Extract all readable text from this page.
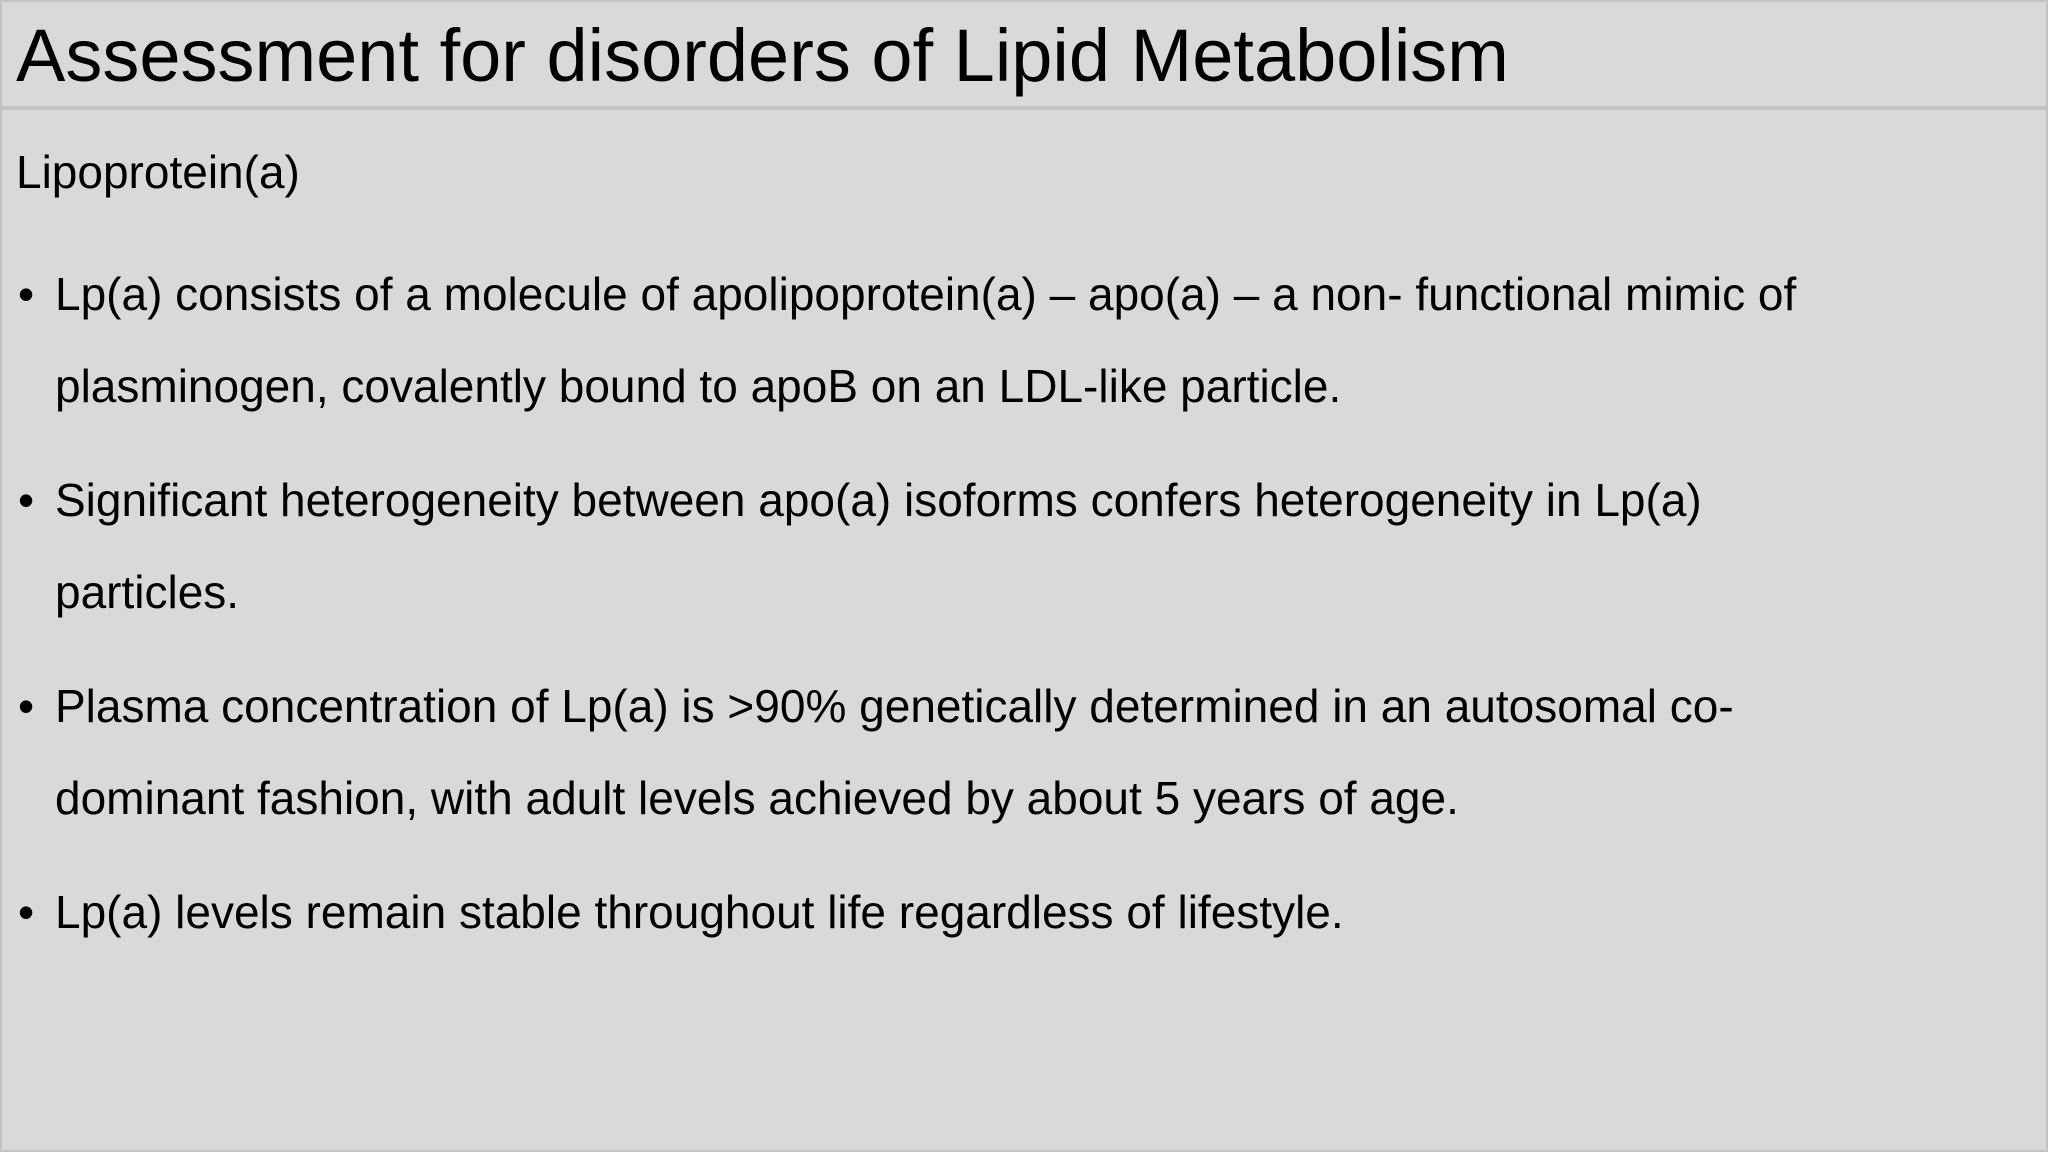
Assessment for disorders of Lipid Metabolism

Lipoprotein(a)

• Lp(a) consists of a molecule of apolipoprotein(a) – apo(a) – a non- functional mimic of
plasminogen, covalently bound to apoB on an LDL-like particle.
• Significant heterogeneity between apo(a) isoforms confers heterogeneity in Lp(a)
particles.
• Plasma concentration of Lp(a) is >90% genetically determined in an autosomal co-
dominant fashion, with adult levels achieved by about 5 years of age.
• Lp(a) levels remain stable throughout life regardless of lifestyle.
